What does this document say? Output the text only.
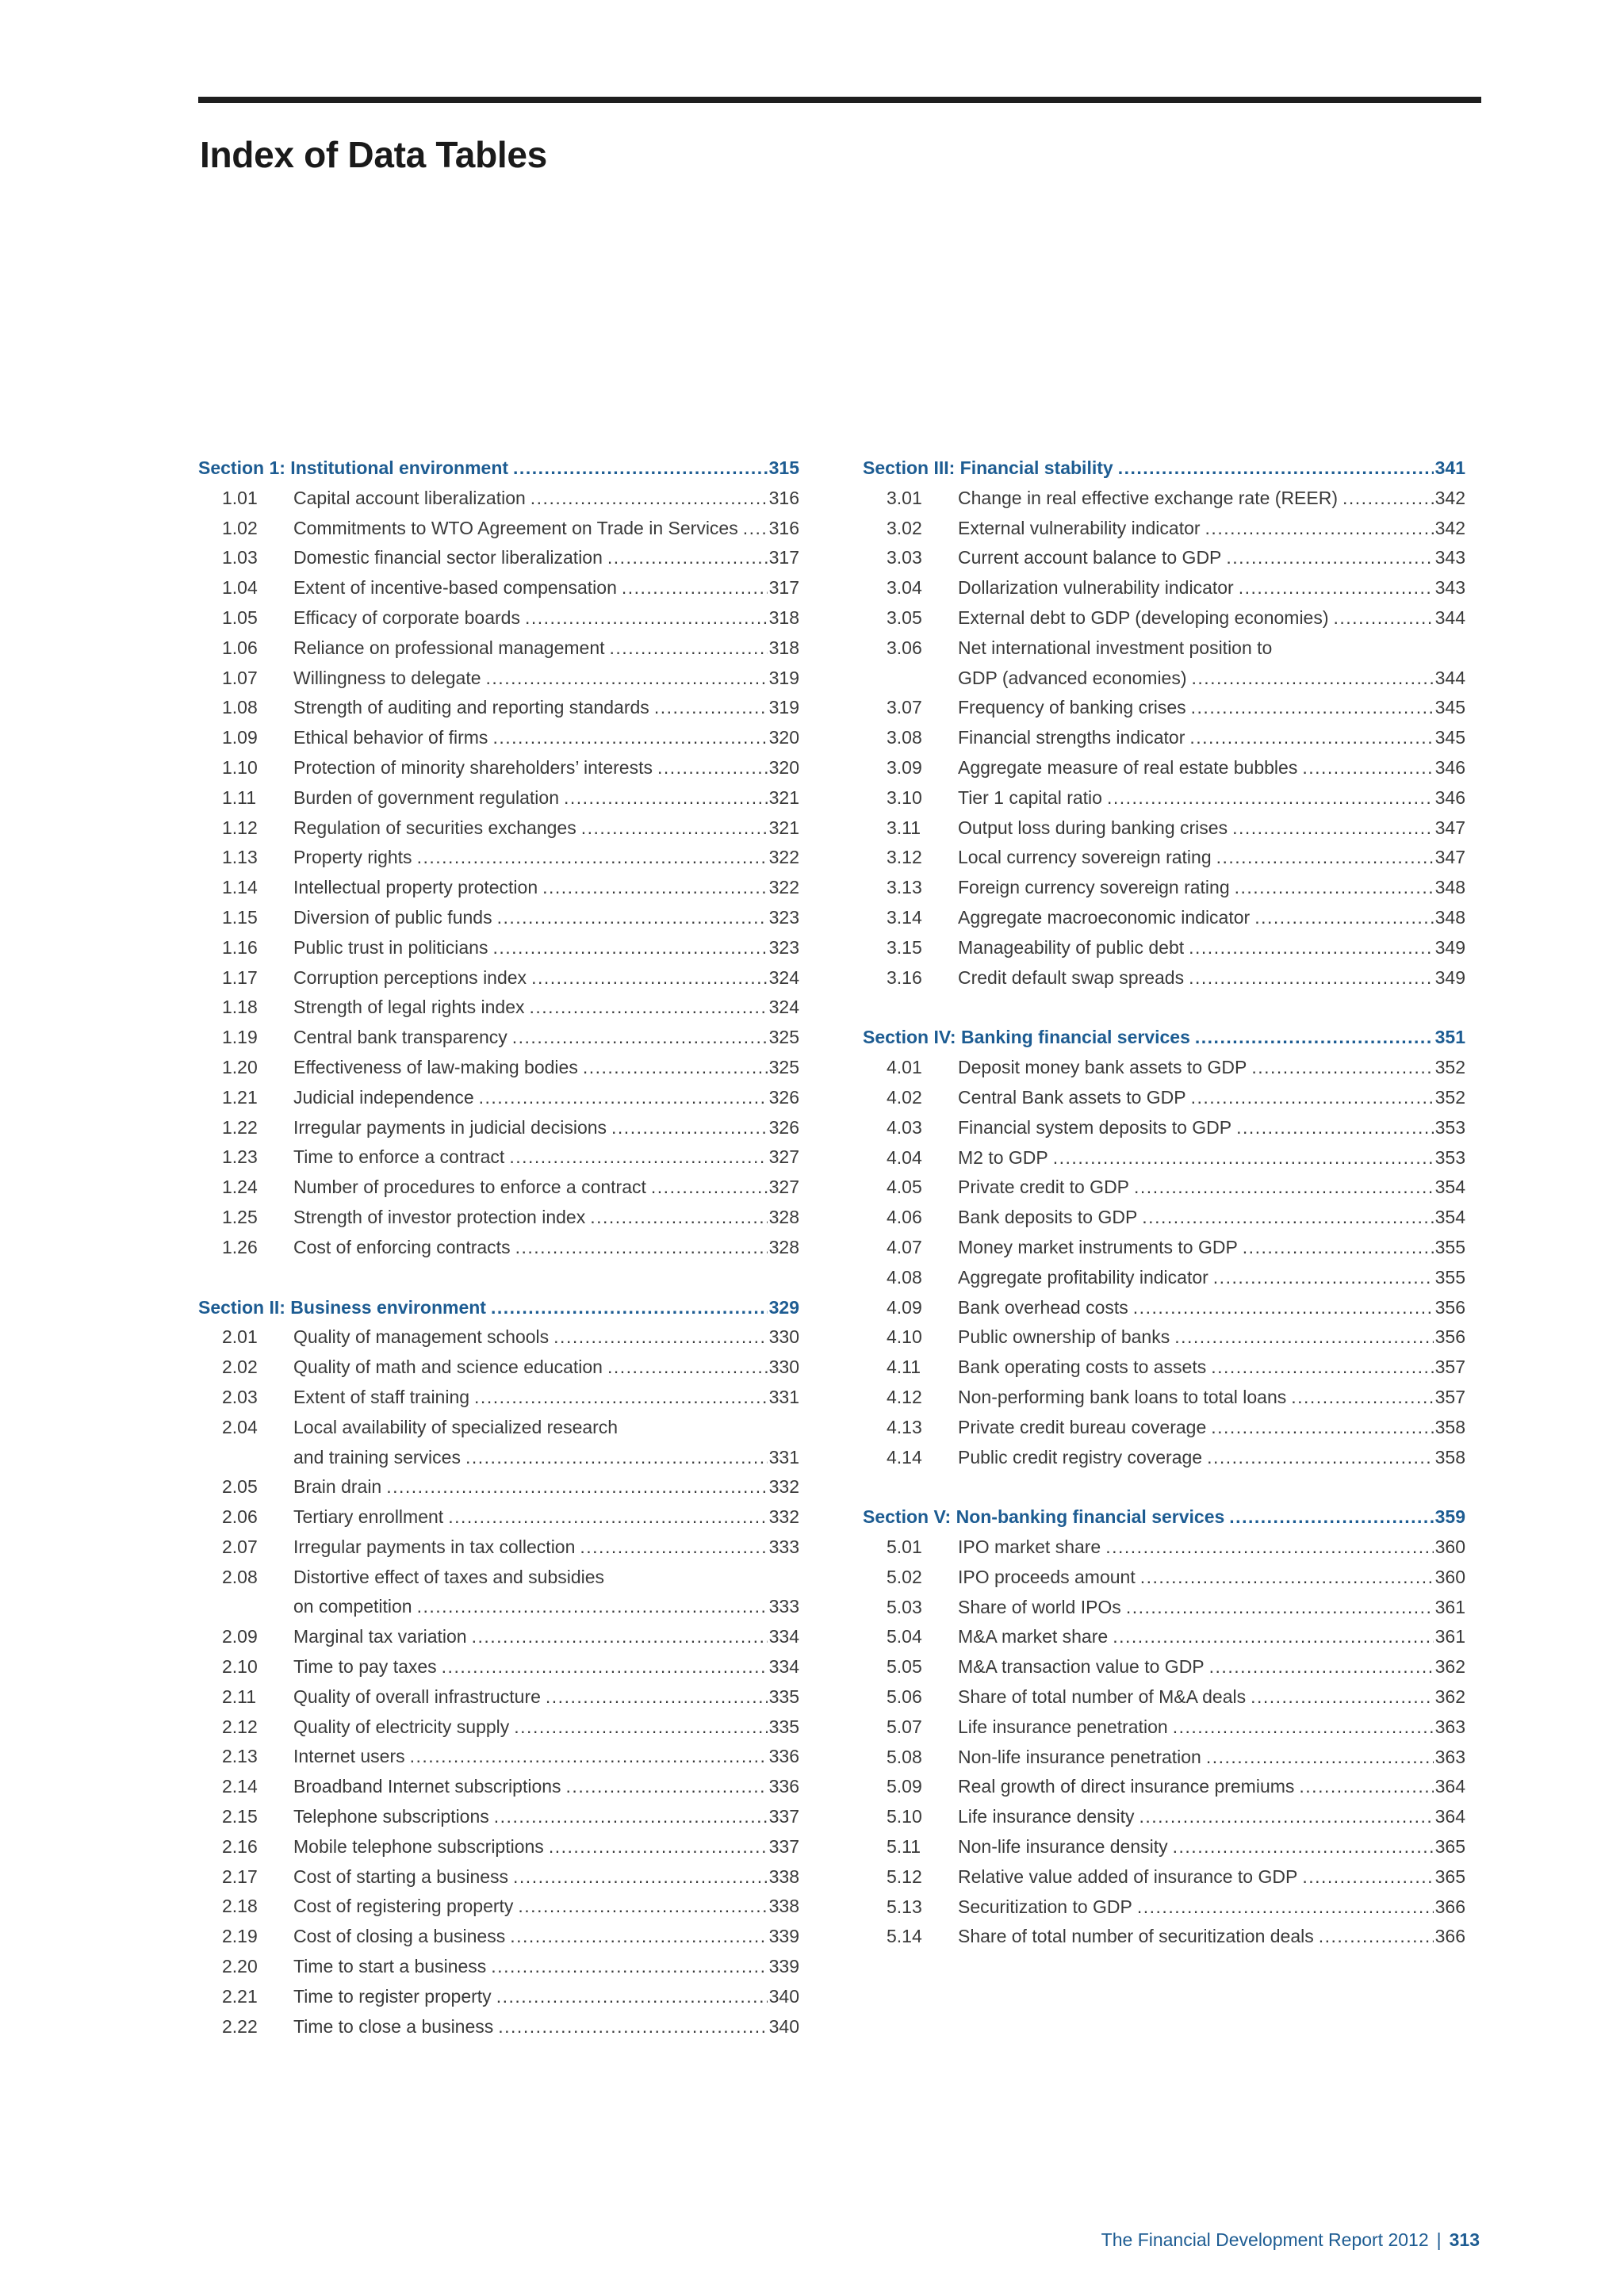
Index of Data Tables
Section 1: Institutional environment .....	315
1.01	Capital account liberalization .....	316
1.02	Commitments to WTO Agreement on Trade in Services ..... 316
1.03	Domestic financial sector liberalization .....	317
1.04	Extent of incentive-based compensation .....	317
1.05	Efficacy of corporate boards .....	318
1.06	Reliance on professional management .....	318
1.07	Willingness to delegate .....	319
1.08	Strength of auditing and reporting standards .....	319
1.09	Ethical behavior of firms .....	320
1.10	Protection of minority shareholders’ interests .....	320
1.11	Burden of government regulation .....	321
1.12	Regulation of securities exchanges .....	321
1.13	Property rights .....	322
1.14	Intellectual property protection .....	322
1.15	Diversion of public funds .....	323
1.16	Public trust in politicians .....	323
1.17	Corruption perceptions index .....	324
1.18	Strength of legal rights index .....	324
1.19	Central bank transparency .....	325
1.20	Effectiveness of law-making bodies .....	325
1.21	Judicial independence .....	326
1.22	Irregular payments in judicial decisions .....	326
1.23	Time to enforce a contract .....	327
1.24	Number of procedures to enforce a contract .....	327
1.25	Strength of investor protection index .....	328
1.26	Cost of enforcing contracts .....	328
Section II: Business environment .....	329
2.01	Quality of management schools .....	330
2.02	Quality of math and science education .....	330
2.03	Extent of staff training .....	331
2.04	Local availability of specialized research
and training services .....	331
2.05	Brain drain .....	332
2.06	Tertiary enrollment .....	332
2.07	Irregular payments in tax collection .....	333
2.08	Distortive effect of taxes and subsidies
on competition .....	333
2.09	Marginal tax variation .....	334
2.10	Time to pay taxes .....	334
2.11	Quality of overall infrastructure .....	335
2.12	Quality of electricity supply .....	335
2.13	Internet users .....	336
2.14	Broadband Internet subscriptions .....	336
2.15	Telephone subscriptions .....	337
2.16	Mobile telephone subscriptions .....	337
2.17	Cost of starting a business .....	338
2.18	Cost of registering property .....	338
2.19	Cost of closing a business .....	339
2.20	Time to start a business .....	339
2.21	Time to register property .....	340
2.22	Time to close a business .....	340
Section III: Financial stability .....	341
3.01	Change in real effective exchange rate (REER) .....	342
3.02	External vulnerability indicator .....	342
3.03	Current account balance to GDP .....	343
3.04	Dollarization vulnerability indicator .....	343
3.05	External debt to GDP (developing economies) .....	344
3.06	Net international investment position to
GDP (advanced economies) .....	344
3.07	Frequency of banking crises .....	345
3.08	Financial strengths indicator .....	345
3.09	Aggregate measure of real estate bubbles .....	346
3.10	Tier 1 capital ratio .....	346
3.11	Output loss during banking crises .....	347
3.12	Local currency sovereign rating .....	347
3.13	Foreign currency sovereign rating .....	348
3.14	Aggregate macroeconomic indicator .....	348
3.15	Manageability of public debt .....	349
3.16	Credit default swap spreads .....	349
Section IV: Banking financial services .....	351
4.01	Deposit money bank assets to GDP .....	352
4.02	Central Bank assets to GDP .....	352
4.03	Financial system deposits to GDP .....	353
4.04	M2 to GDP .....	353
4.05	Private credit to GDP .....	354
4.06	Bank deposits to GDP .....	354
4.07	Money market instruments to GDP .....	355
4.08	Aggregate profitability indicator .....	355
4.09	Bank overhead costs .....	356
4.10	Public ownership of banks .....	356
4.11	Bank operating costs to assets .....	357
4.12	Non-performing bank loans to total loans .....	357
4.13	Private credit bureau coverage .....	358
4.14	Public credit registry coverage .....	358
Section V: Non-banking financial services .....	359
5.01	IPO market share .....	360
5.02	IPO proceeds amount .....	360
5.03	Share of world IPOs .....	361
5.04	M&A market share .....	361
5.05	M&A transaction value to GDP .....	362
5.06	Share of total number of M&A deals .....	362
5.07	Life insurance penetration .....	363
5.08	Non-life insurance penetration .....	363
5.09	Real growth of direct insurance premiums .....	364
5.10	Life insurance density .....	364
5.11	Non-life insurance density .....	365
5.12	Relative value added of insurance to GDP .....	365
5.13	Securitization to GDP .....	366
5.14	Share of total number of securitization deals .....	366
The Financial Development Report 2012 | 313
